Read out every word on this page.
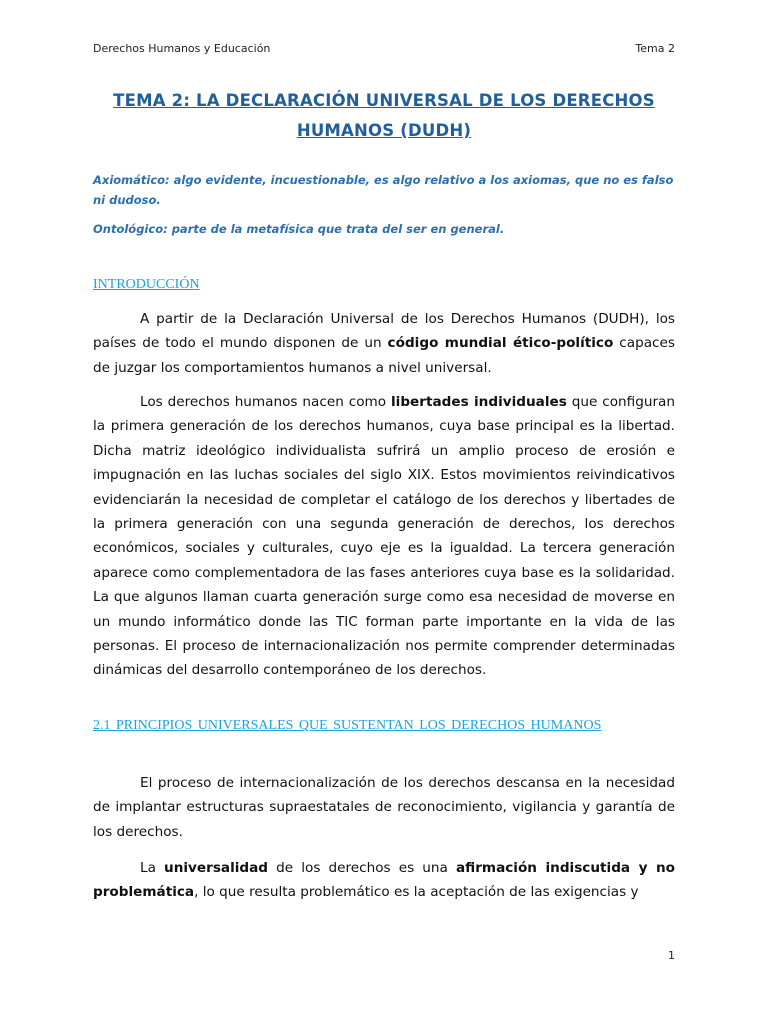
Derechos Humanos y Educación	Tema 2
TEMA 2: LA DECLARACIÓN UNIVERSAL DE LOS DERECHOS HUMANOS (DUDH)
Axiomático: algo evidente, incuestionable, es algo relativo a los axiomas, que no es falso ni dudoso.
Ontológico: parte de la metafísica que trata del ser en general.
INTRODUCCIÓN
A partir de la Declaración Universal de los Derechos Humanos (DUDH), los países de todo el mundo disponen de un código mundial ético-político capaces de juzgar los comportamientos humanos a nivel universal.
Los derechos humanos nacen como libertades individuales que configuran la primera generación de los derechos humanos, cuya base principal es la libertad. Dicha matriz ideológico individualista sufrirá un amplio proceso de erosión e impugnación en las luchas sociales del siglo XIX. Estos movimientos reivindicativos evidenciarán la necesidad de completar el catálogo de los derechos y libertades de la primera generación con una segunda generación de derechos, los derechos económicos, sociales y culturales, cuyo eje es la igualdad. La tercera generación aparece como complementadora de las fases anteriores cuya base es la solidaridad. La que algunos llaman cuarta generación surge como esa necesidad de moverse en un mundo informático donde las TIC forman parte importante en la vida de las personas. El proceso de internacionalización nos permite comprender determinadas dinámicas del desarrollo contemporáneo de los derechos.
2.1 PRINCIPIOS UNIVERSALES QUE SUSTENTAN LOS DERECHOS HUMANOS
El proceso de internacionalización de los derechos descansa en la necesidad de implantar estructuras supraestatales de reconocimiento, vigilancia y garantía de los derechos.
La universalidad de los derechos es una afirmación indiscutida y no problemática, lo que resulta problemático es la aceptación de las exigencias y
1
